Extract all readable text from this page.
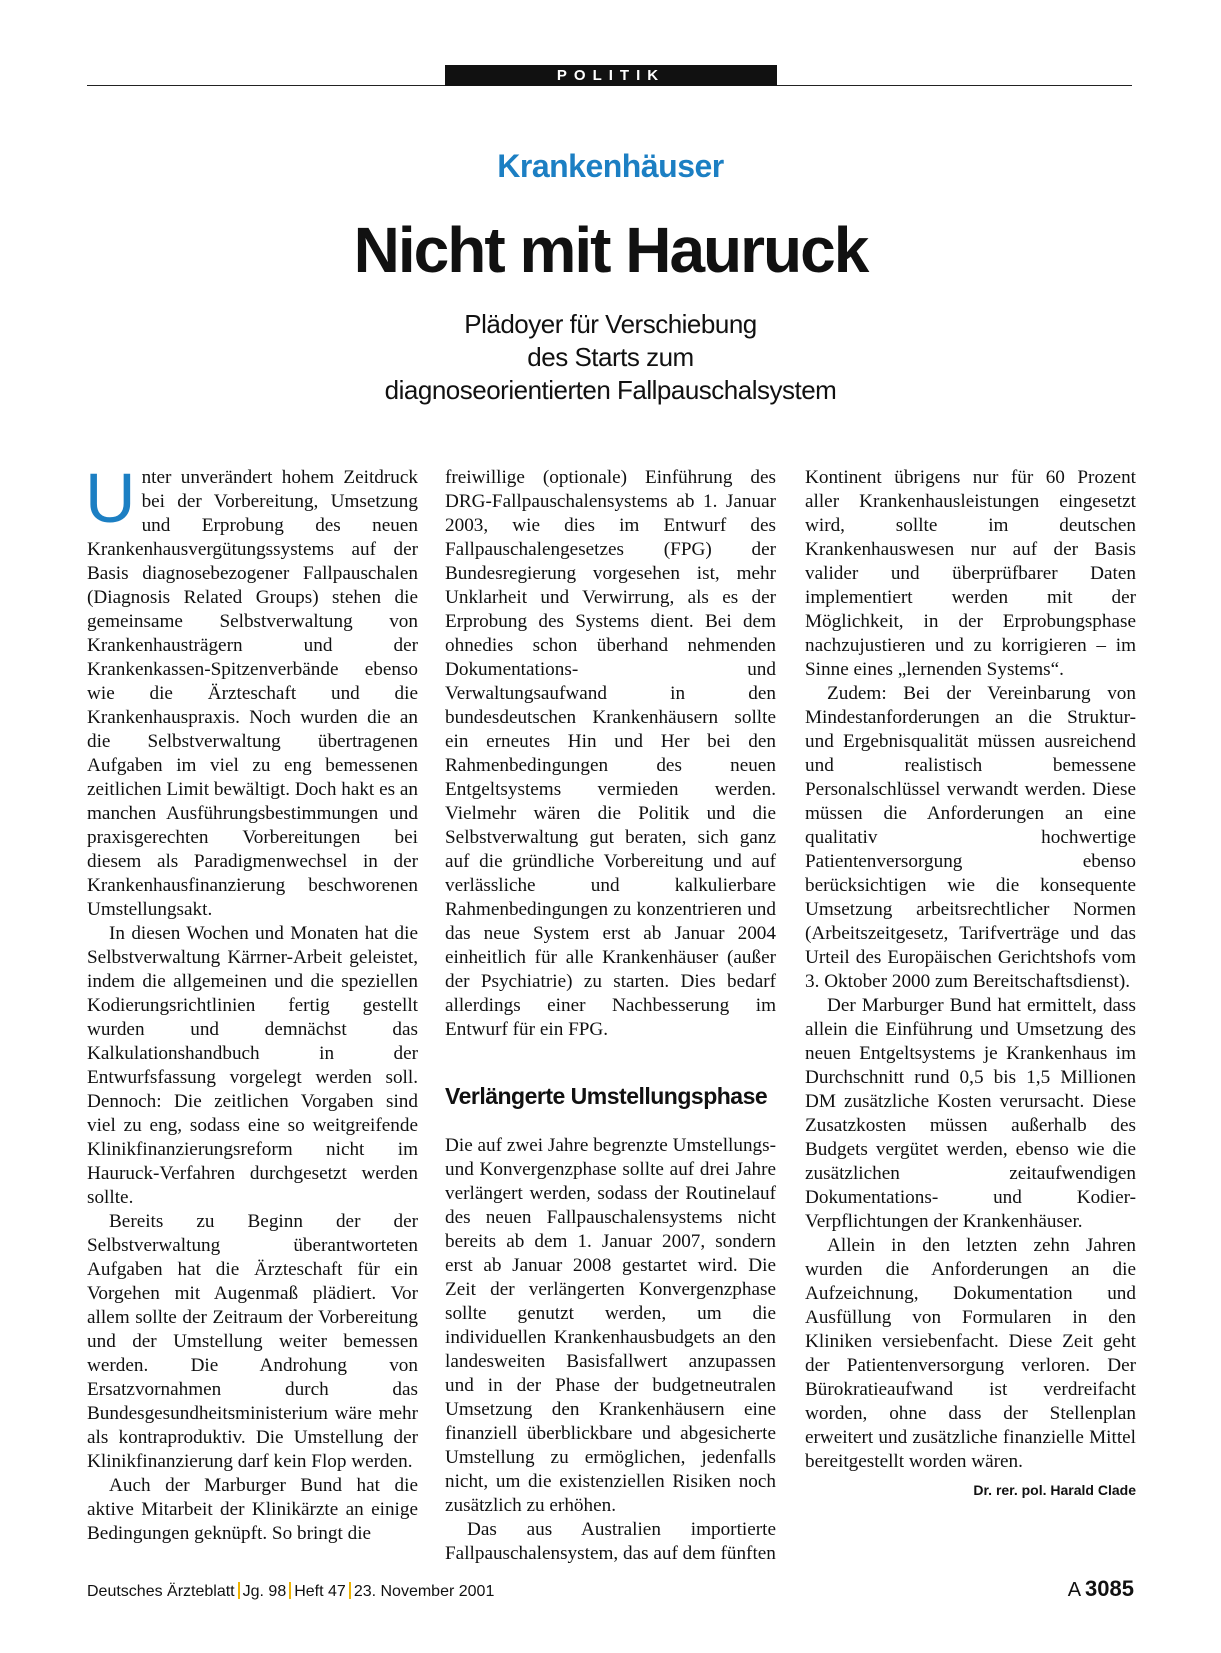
POLITIK
Krankenhäuser
Nicht mit Hauruck
Plädoyer für Verschiebung
des Starts zum
diagnoseorientierten Fallpauschalsystem

Unter unverändert hohem Zeitdruck bei der Vorbereitung, Umsetzung und Erprobung des neuen Krankenhausvergütungssystems auf der Basis diagnosebezogener Fallpauschalen (Diagnosis Related Groups) stehen die gemeinsame Selbstverwaltung von Krankenhausträgern und der Krankenkassen-Spitzenverbände ebenso wie die Ärzteschaft und die Krankenhauspraxis. Noch wurden die an die Selbstverwaltung übertragenen Aufgaben im viel zu eng bemessenen zeitlichen Limit bewältigt. Doch hakt es an manchen Ausführungsbestimmungen und praxisgerechten Vorbereitungen bei diesem als Paradigmenwechsel in der Krankenhausfinanzierung beschworenen Umstellungsakt.

In diesen Wochen und Monaten hat die Selbstverwaltung Kärrner-Arbeit geleistet, indem die allgemeinen und die speziellen Kodierungsrichtlinien fertig gestellt wurden und demnächst das Kalkulationshandbuch in der Entwurfsfassung vorgelegt werden soll. Dennoch: Die zeitlichen Vorgaben sind viel zu eng, sodass eine so weitgreifende Klinikfinanzierungsreform nicht im Hauruck-Verfahren durchgesetzt werden sollte.

Bereits zu Beginn der der Selbstverwaltung überantworteten Aufgaben hat die Ärzteschaft für ein Vorgehen mit Augenmaß plädiert. Vor allem sollte der Zeitraum der Vorbereitung und der Umstellung weiter bemessen werden. Die Androhung von Ersatzvornahmen durch das Bundesgesundheitsministerium wäre mehr als kontraproduktiv. Die Umstellung der Klinikfinanzierung darf kein Flop werden.

Auch der Marburger Bund hat die aktive Mitarbeit der Klinikärzte an einige Bedingungen geknüpft. So bringt die

freiwillige (optionale) Einführung des DRG-Fallpauschalensystems ab 1. Januar 2003, wie dies im Entwurf des Fallpauschalengesetzes (FPG) der Bundesregierung vorgesehen ist, mehr Unklarheit und Verwirrung, als es der Erprobung des Systems dient. Bei dem ohnedies schon überhand nehmenden Dokumentations- und Verwaltungsaufwand in den bundesdeutschen Krankenhäusern sollte ein erneutes Hin und Her bei den Rahmenbedingungen des neuen Entgeltsystems vermieden werden. Vielmehr wären die Politik und die Selbstverwaltung gut beraten, sich ganz auf die gründliche Vorbereitung und auf verlässliche und kalkulierbare Rahmenbedingungen zu konzentrieren und das neue System erst ab Januar 2004 einheitlich für alle Krankenhäuser (außer der Psychiatrie) zu starten. Dies bedarf allerdings einer Nachbesserung im Entwurf für ein FPG.

Verlängerte Umstellungsphase

Die auf zwei Jahre begrenzte Umstellungs- und Konvergenzphase sollte auf drei Jahre verlängert werden, sodass der Routinelauf des neuen Fallpauschalensystems nicht bereits ab dem 1. Januar 2007, sondern erst ab Januar 2008 gestartet wird. Die Zeit der verlängerten Konvergenzphase sollte genutzt werden, um die individuellen Krankenhausbudgets an den landesweiten Basisfallwert anzupassen und in der Phase der budgetneutralen Umsetzung den Krankenhäusern eine finanziell überblickbare und abgesicherte Umstellung zu ermöglichen, jedenfalls nicht, um die existenziellen Risiken noch zusätzlich zu erhöhen.

Das aus Australien importierte Fallpauschalensystem, das auf dem fünften

Kontinent übrigens nur für 60 Prozent aller Krankenhausleistungen eingesetzt wird, sollte im deutschen Krankenhauswesen nur auf der Basis valider und überprüfbarer Daten implementiert werden mit der Möglichkeit, in der Erprobungsphase nachzujustieren und zu korrigieren – im Sinne eines „lernenden Systems“.

Zudem: Bei der Vereinbarung von Mindestanforderungen an die Struktur- und Ergebnisqualität müssen ausreichend und realistisch bemessene Personalschlüssel verwandt werden. Diese müssen die Anforderungen an eine qualitativ hochwertige Patientenversorgung ebenso berücksichtigen wie die konsequente Umsetzung arbeitsrechtlicher Normen (Arbeitszeitgesetz, Tarifverträge und das Urteil des Europäischen Gerichtshofs vom 3. Oktober 2000 zum Bereitschaftsdienst).

Der Marburger Bund hat ermittelt, dass allein die Einführung und Umsetzung des neuen Entgeltsystems je Krankenhaus im Durchschnitt rund 0,5 bis 1,5 Millionen DM zusätzliche Kosten verursacht. Diese Zusatzkosten müssen außerhalb des Budgets vergütet werden, ebenso wie die zusätzlichen zeitaufwendigen Dokumentations- und Kodier-Verpflichtungen der Krankenhäuser.

Allein in den letzten zehn Jahren wurden die Anforderungen an die Aufzeichnung, Dokumentation und Ausfüllung von Formularen in den Kliniken versiebenfacht. Diese Zeit geht der Patientenversorgung verloren. Der Bürokratieaufwand ist verdreifacht worden, ohne dass der Stellenplan erweitert und zusätzliche finanzielle Mittel bereitgestellt worden wären.
Dr. rer. pol. Harald Clade

Deutsches Ärzteblatt Jg. 98 Heft 47 23. November 2001	A 3085
